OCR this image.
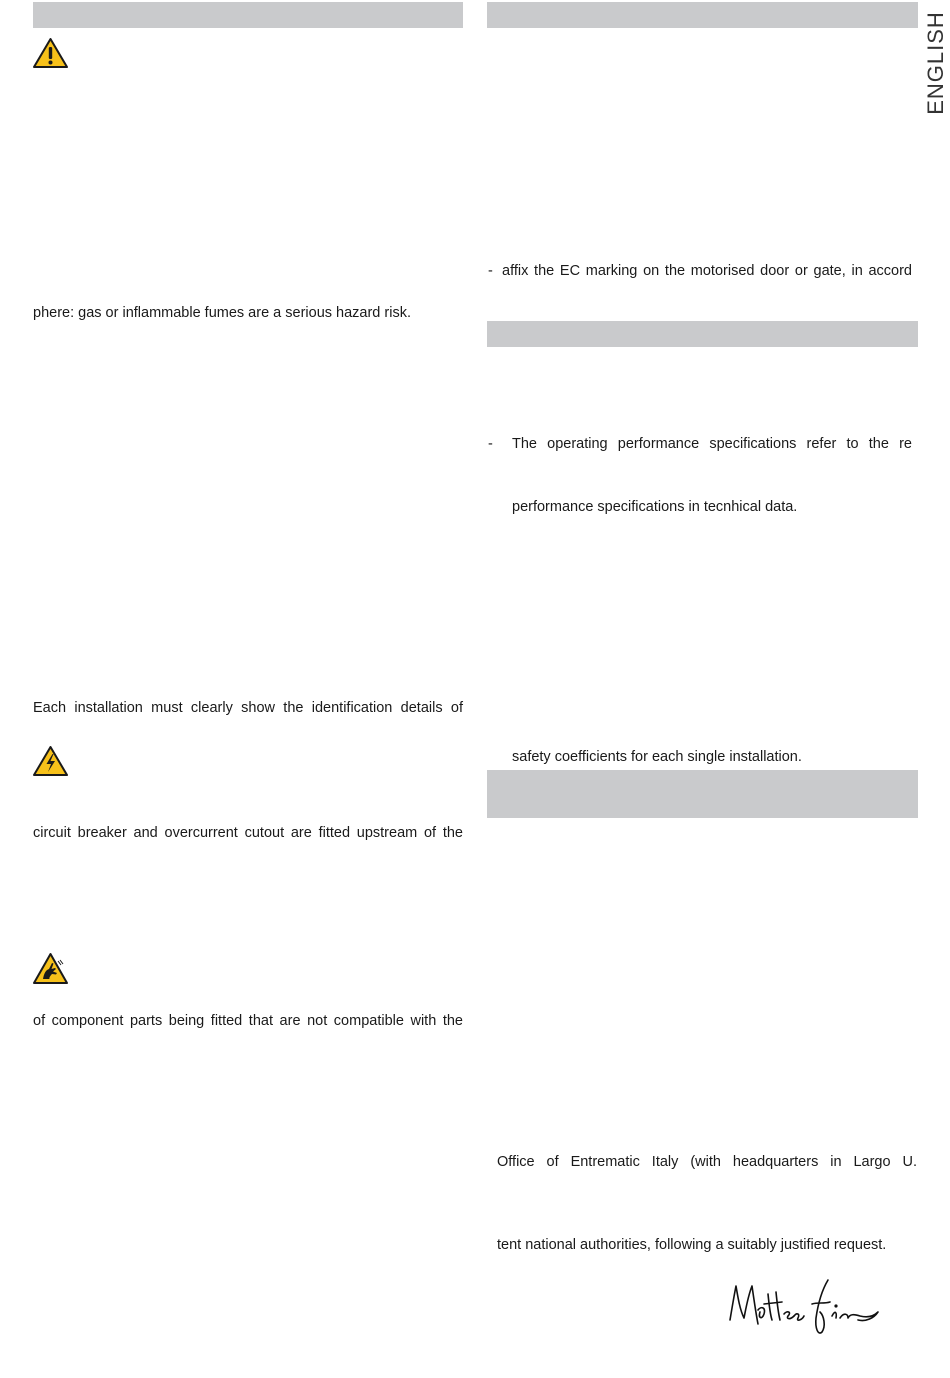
ENGLISH
phere: gas or inflammable fumes are a serious hazard risk.
Each installation must clearly show the identification details of
circuit breaker and overcurrent cutout are fitted upstream of the
of component parts being fitted that are not compatible with the
- affix the EC marking on the motorised door or gate, in accord
- The operating performance specifications refer to the re
performance specifications in tecnhical data.
safety coefficients for each single installation.
Office of Entrematic Italy (with headquarters in Largo U.
tent national authorities, following a suitably justified request.
